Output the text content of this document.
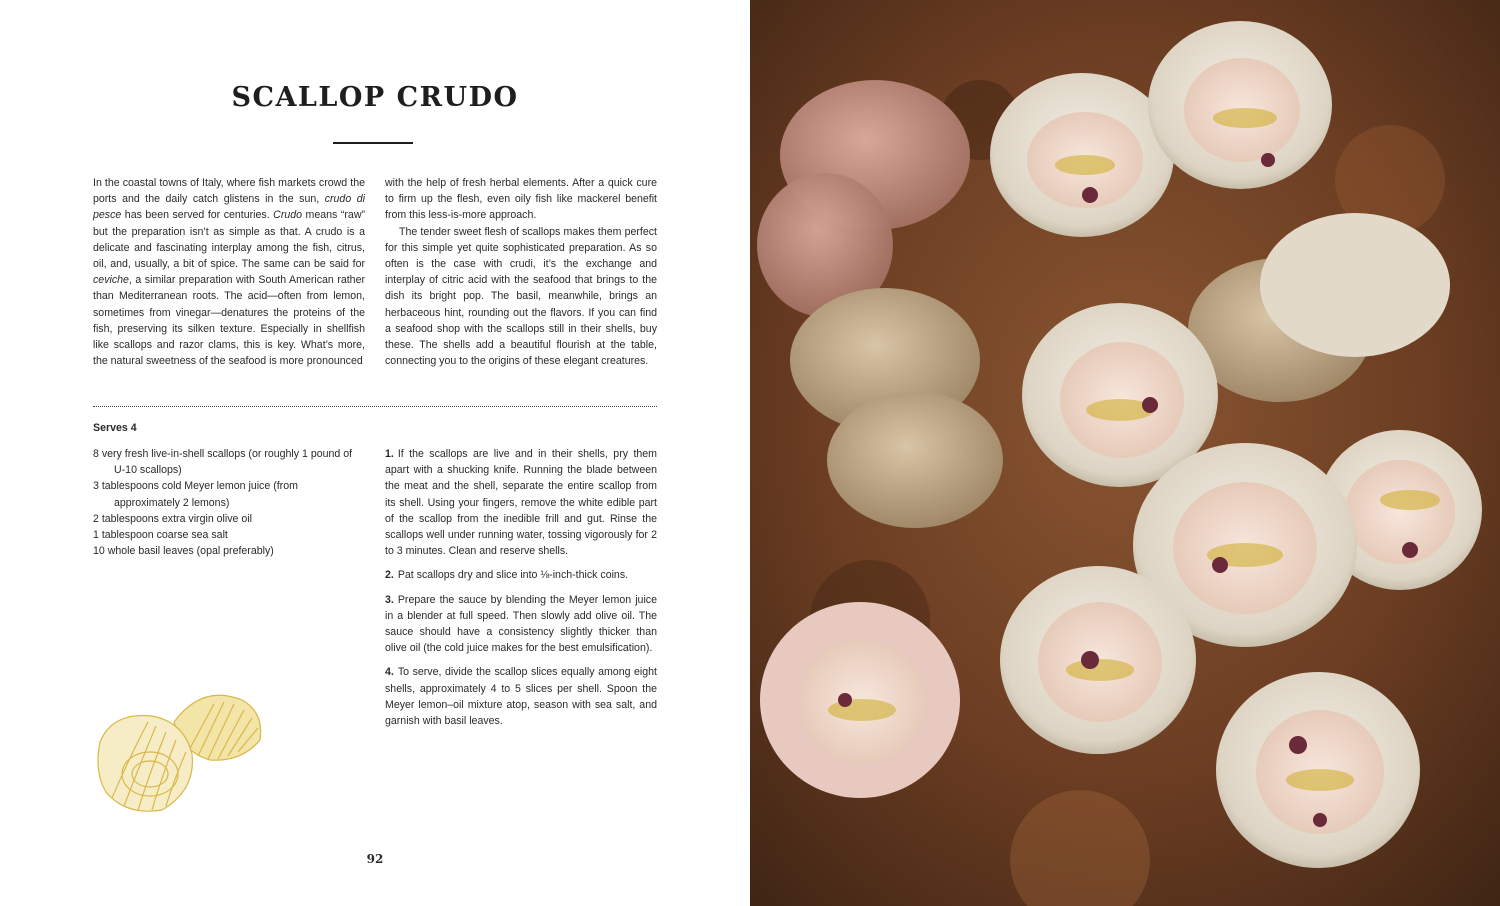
SCALLOP CRUDO

In the coastal towns of Italy, where fish markets crowd the ports and the daily catch glistens in the sun, crudo di pesce has been served for centuries. Crudo means “raw” but the preparation isn’t as simple as that. A crudo is a delicate and fascinating interplay among the fish, citrus, oil, and, usually, a bit of spice. The same can be said for ceviche, a similar preparation with South American rather than Mediterranean roots. The acid—often from lemon, sometimes from vinegar—denatures the proteins of the fish, preserving its silken texture. Especially in shellfish like scallops and razor clams, this is key. What’s more, the natural sweetness of the seafood is more pronounced

with the help of fresh herbal elements. After a quick cure to firm up the flesh, even oily fish like mackerel benefit from this less-is-more approach.

The tender sweet flesh of scallops makes them perfect for this simple yet quite sophisticated preparation. As so often is the case with crudi, it’s the exchange and interplay of citric acid with the seafood that brings to the dish its bright pop. The basil, meanwhile, brings an herbaceous hint, rounding out the flavors. If you can find a seafood shop with the scallops still in their shells, buy these. The shells add a beautiful flourish at the table, connecting you to the origins of these elegant creatures.

Serves 4
8 very fresh live-in-shell scallops (or roughly 1 pound of U-10 scallops)
3 tablespoons cold Meyer lemon juice (from approximately 2 lemons)
2 tablespoons extra virgin olive oil
1 tablespoon coarse sea salt
10 whole basil leaves (opal preferably)

1. If the scallops are live and in their shells, pry them apart with a shucking knife. Running the blade between the meat and the shell, separate the entire scallop from its shell. Using your fingers, remove the white edible part of the scallop from the inedible frill and gut. Rinse the scallops well under running water, tossing vigorously for 2 to 3 minutes. Clean and reserve shells.

2. Pat scallops dry and slice into ⅛-inch-thick coins.

3. Prepare the sauce by blending the Meyer lemon juice in a blender at full speed. Then slowly add olive oil. The sauce should have a consistency slightly thicker than olive oil (the cold juice makes for the best emulsification).

4. To serve, divide the scallop slices equally among eight shells, approximately 4 to 5 slices per shell. Spoon the Meyer lemon–oil mixture atop, season with sea salt, and garnish with basil leaves.

92
